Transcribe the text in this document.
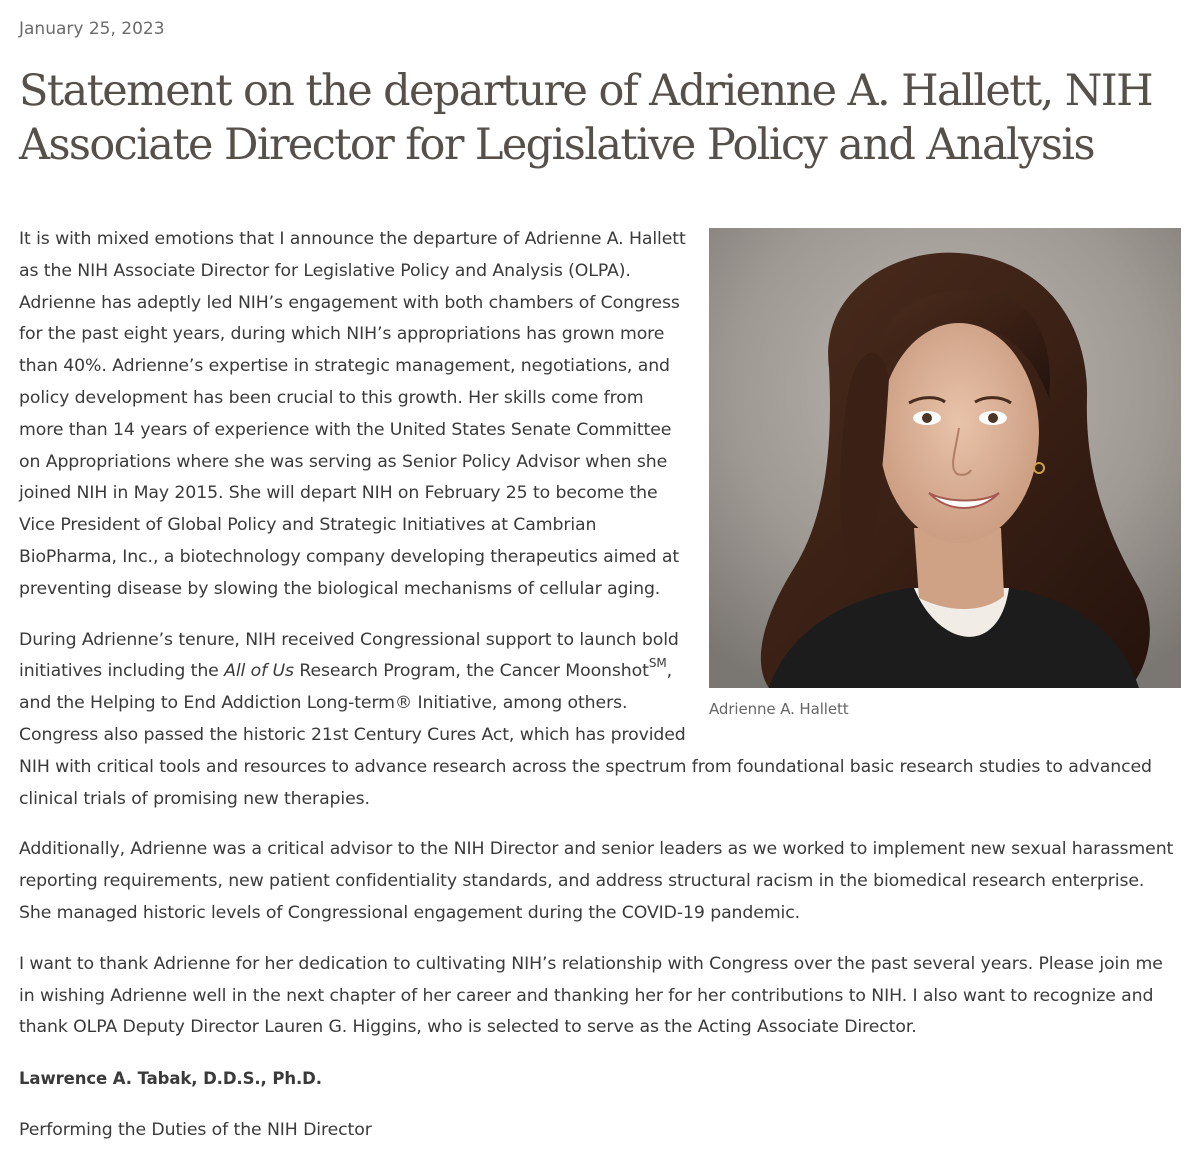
January 25, 2023

Statement on the departure of Adrienne A. Hallett, NIH Associate Director for Legislative Policy and Analysis
Adrienne A. Hallett

It is with mixed emotions that I announce the departure of Adrienne A. Hallett as the NIH Associate Director for Legislative Policy and Analysis (OLPA). Adrienne has adeptly led NIH’s engagement with both chambers of Congress for the past eight years, during which NIH’s appropriations has grown more than 40%. Adrienne’s expertise in strategic management, negotiations, and policy development has been crucial to this growth. Her skills come from more than 14 years of experience with the United States Senate Committee on Appropriations where she was serving as Senior Policy Advisor when she joined NIH in May 2015. She will depart NIH on February 25 to become the Vice President of Global Policy and Strategic Initiatives at Cambrian BioPharma, Inc., a biotechnology company developing therapeutics aimed at preventing disease by slowing the biological mechanisms of cellular aging.

During Adrienne’s tenure, NIH received Congressional support to launch bold initiatives including the All of Us Research Program, the Cancer Moonshot℠, and the Helping to End Addiction Long-term® Initiative, among others. Congress also passed the historic 21st Century Cures Act, which has provided NIH with critical tools and resources to advance research across the spectrum from foundational basic research studies to advanced clinical trials of promising new therapies.

Additionally, Adrienne was a critical advisor to the NIH Director and senior leaders as we worked to implement new sexual harassment reporting requirements, new patient confidentiality standards, and address structural racism in the biomedical research enterprise. She managed historic levels of Congressional engagement during the COVID-19 pandemic.

I want to thank Adrienne for her dedication to cultivating NIH’s relationship with Congress over the past several years. Please join me in wishing Adrienne well in the next chapter of her career and thanking her for her contributions to NIH. I also want to recognize and thank OLPA Deputy Director Lauren G. Higgins, who is selected to serve as the Acting Associate Director.

Lawrence A. Tabak, D.D.S., Ph.D.

Performing the Duties of the NIH Director
